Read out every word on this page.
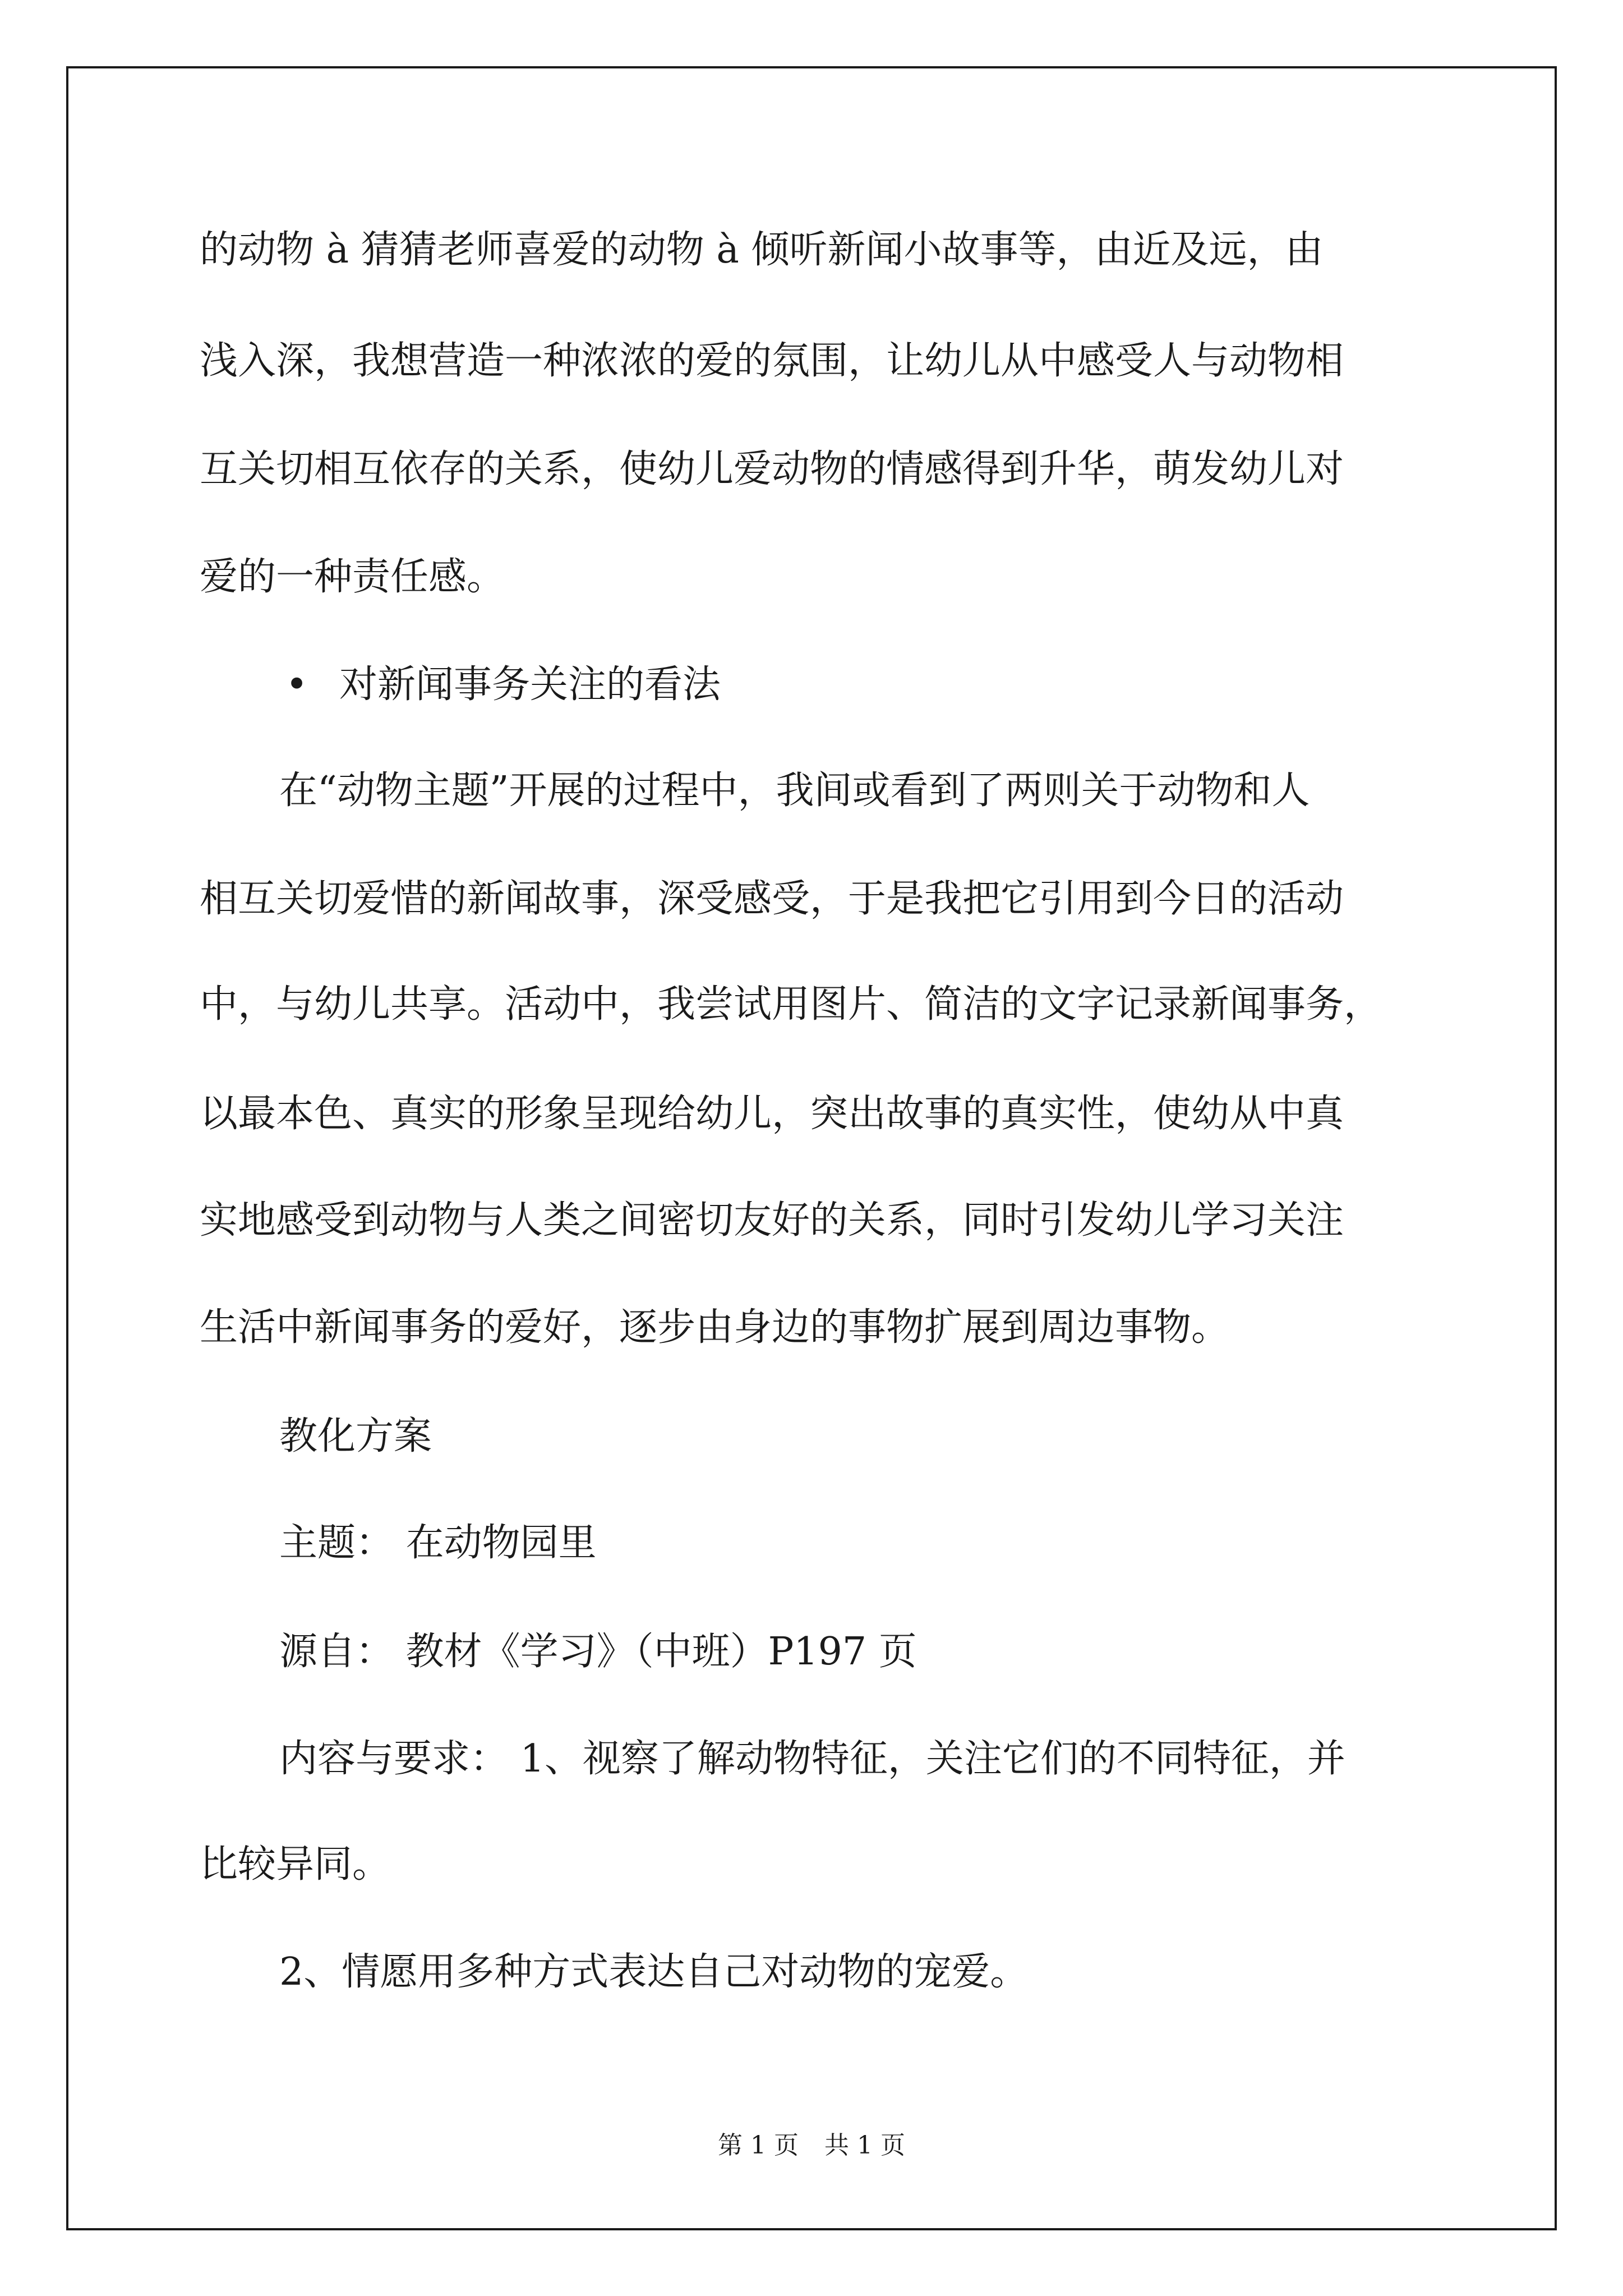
的动物 à 猜猜老师喜爱的动物 à 倾听新闻小故事等，由近及远，由

浅入深，我想营造一种浓浓的爱的氛围，让幼儿从中感受人与动物相

互关切相互依存的关系，使幼儿爱动物的情感得到升华，萌发幼儿对

爱的一种责任感。

• 对新闻事务关注的看法

在“动物主题”开展的过程中，我间或看到了两则关于动物和人

相互关切爱惜的新闻故事，深受感受，于是我把它引用到今日的活动

中，与幼儿共享。活动中，我尝试用图片、简洁的文字记录新闻事务，

以最本色、真实的形象呈现给幼儿，突出故事的真实性，使幼从中真

实地感受到动物与人类之间密切友好的关系，同时引发幼儿学习关注

生活中新闻事务的爱好，逐步由身边的事物扩展到周边事物。

教化方案

主题： 在动物园里

源自： 教材《学习》（中班）P197 页

内容与要求： 1、视察了解动物特征，关注它们的不同特征，并

比较异同。

2、情愿用多种方式表达自己对动物的宠爱。

第 1 页 共 1 页
